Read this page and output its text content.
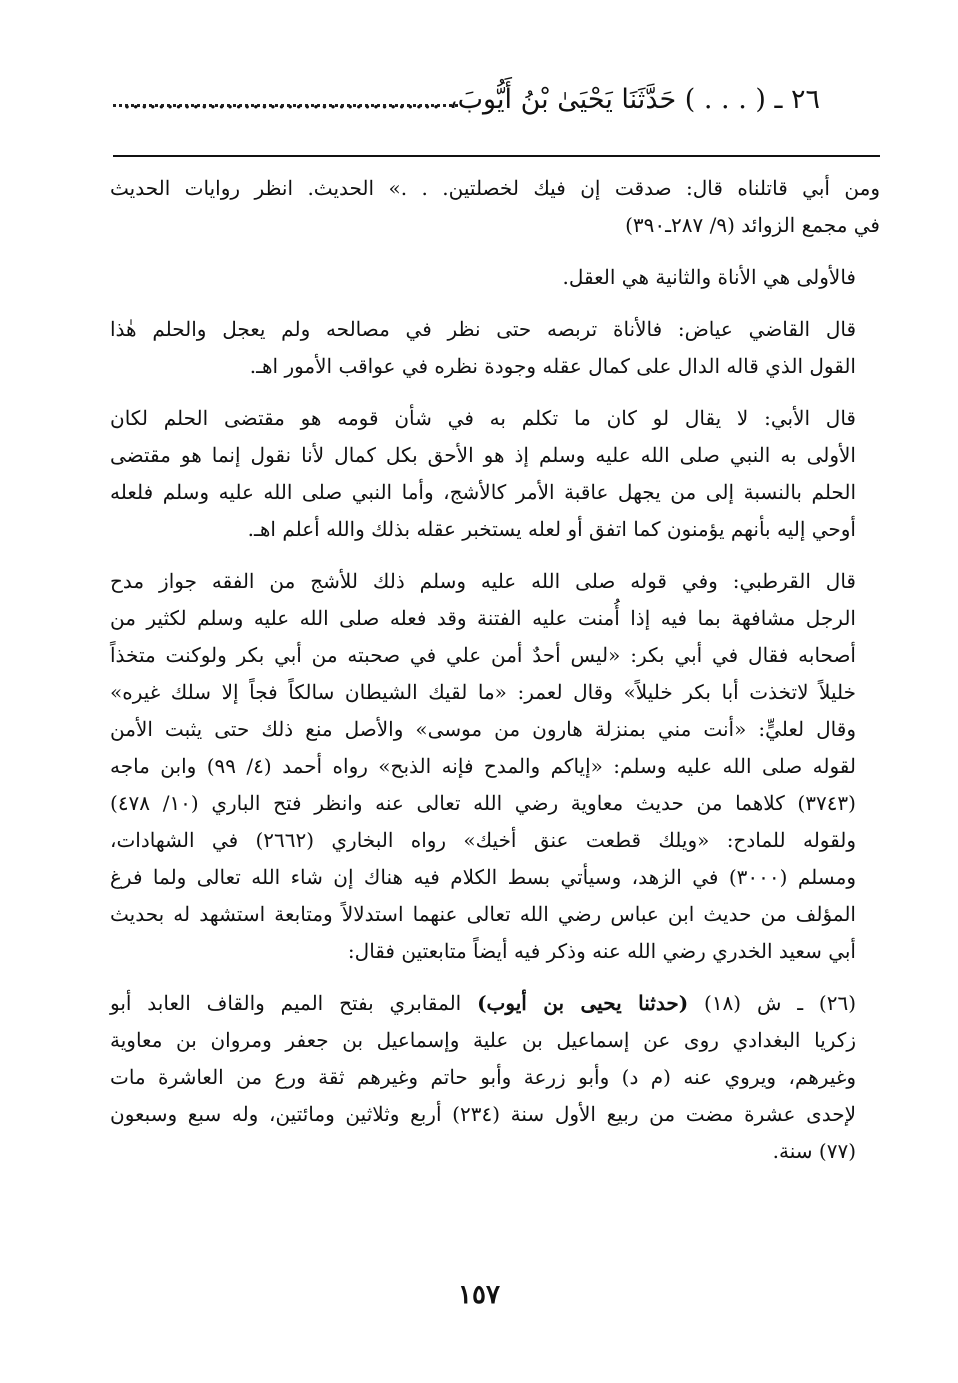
٢٦ ـ ( . . . ) حَدَّثَنَا يَحْيَىٰ بْنُ أَيُّوبَ، .....................................

ومن أبي قاتلناه قال: صدقت إن فيك لخصلتين. . .» الحديث. انظر روايات الحديث
في مجمع الزوائد (٩/ ٢٨٧ـ٣٩٠)

فالأولى هي الأناة والثانية هي العقل.

قال القاضي عياض: فالأناة تربصه حتى نظر في مصالحه ولم يعجل والحلم هٰذا
القول الذي قاله الدال على كمال عقله وجودة نظره في عواقب الأمور اهـ.

قال الأبي: لا يقال لو كان ما تكلم به في شأن قومه هو مقتضى الحلم لكان
الأولى به النبي صلى الله عليه وسلم إذ هو الأحق بكل كمال لأنا نقول إنما هو مقتضى
الحلم بالنسبة إلى من يجهل عاقبة الأمر كالأشج، وأما النبي صلى الله عليه وسلم فلعله
أوحي إليه بأنهم يؤمنون كما اتفق أو لعله يستخبر عقله بذلك والله أعلم اهـ.

قال القرطبي: وفي قوله صلى الله عليه وسلم ذلك للأشج من الفقه جواز مدح
الرجل مشافهة بما فيه إذا أُمنت عليه الفتنة وقد فعله صلى الله عليه وسلم لكثير من
أصحابه فقال في أبي بكر: «ليس أحدٌ أمن علي في صحبته من أبي بكر ولوكنت متخذاً
خليلاً لاتخذت أبا بكر خليلاً» وقال لعمر: «ما لقيك الشيطان سالكاً فجاً إلا سلك غيره»
وقال لعليٍّ: «أنت مني بمنزلة هارون من موسى» والأصل منع ذلك حتى يثبت الأمن
لقوله صلى الله عليه وسلم: «إياكم والمدح فإنه الذبح» رواه أحمد (٤/ ٩٩) وابن ماجه
(٣٧٤٣) كلاهما من حديث معاوية رضي الله تعالى عنه وانظر فتح الباري (١٠/ ٤٧٨)
ولقوله للمادح: «ويلك قطعت عنق أخيك» رواه البخاري (٢٦٦٢) في الشهادات،
ومسلم (٣٠٠٠) في الزهد، وسيأتي بسط الكلام فيه هناك إن شاء الله تعالى ولما فرغ
المؤلف من حديث ابن عباس رضي الله تعالى عنهما استدلالاً ومتابعة استشهد له بحديث
أبي سعيد الخدري رضي الله عنه وذكر فيه أيضاً متابعتين فقال:

(٢٦) ـ ش (١٨) (حدثنا يحيى بن أيوب) المقابري بفتح الميم والقاف العابد أبو
زكريا البغدادي روى عن إسماعيل بن علية وإسماعيل بن جعفر ومروان بن معاوية
وغيرهم، ويروي عنه (م د) وأبو زرعة وأبو حاتم وغيرهم ثقة ورع من العاشرة مات
لإحدى عشرة مضت من ربيع الأول سنة (٢٣٤) أربع وثلاثين ومائتين، وله سبع وسبعون
(٧٧) سنة.

١٥٧
